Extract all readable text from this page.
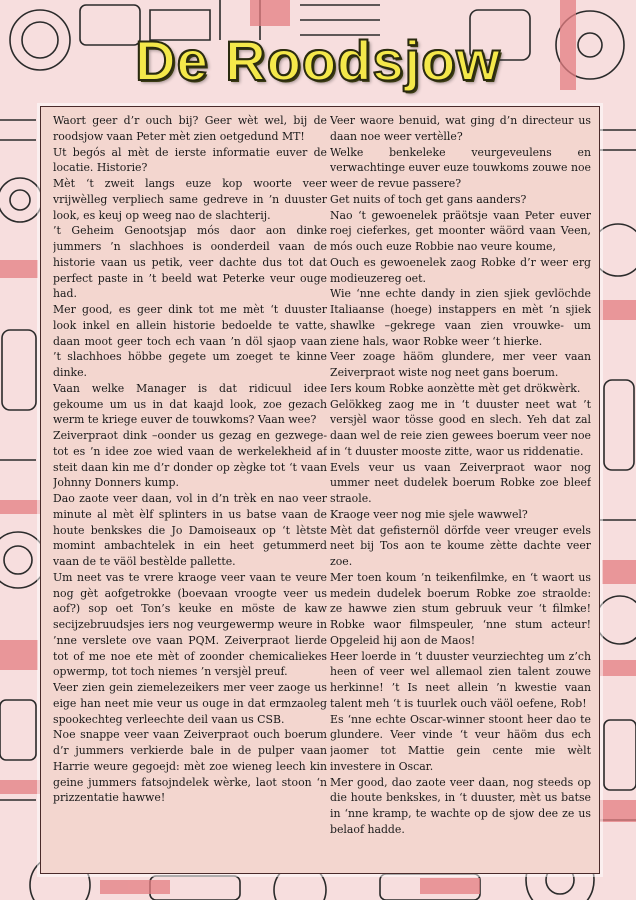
De Roodsjow

Waort geer d’r ouch bij? Geer wèt wel, bij de roodsjow vaan Peter mèt zien oetgedund MT!

Ut begós al mèt de ierste informatie euver de locatie. Historie?

Mèt ‘t zweit langs euze kop woorte veer vrijwèlleg verpliech same gedreve in ’n duuster look, es keuj op weeg nao de slachterij.

’t Geheim Genootsjap mós daor aon dinke jummers ’n slachhoes is oonderdeil vaan de historie vaan us petik, veer dachte dus tot dat perfect paste in ’t beeld wat Peterke veur ouge had.

Mer good, es geer dink tot me mèt ‘t duuster look inkel en allein historie bedoelde te vatte, daan moot geer toch ech vaan ’n döl sjaop vaan ’t slachhoes höbbe gegete um zoeget te kinne dinke.

Vaan welke Manager is dat ridicuul idee gekoume um us in dat kaajd look, zoe gezach werm te kriege euver de touwkoms? Vaan wee?

Zeiverpraot dink –oonder us gezag en gezwege- tot es ’n idee zoe wied vaan de werkelekheid af steit daan kin me d’r donder op zègke tot ‘t vaan Johnny Donners kump.

Dao zaote veer daan, vol in d’n trèk en nao veer minute al mèt èlf splinters in us batse vaan de houte benkskes die Jo Damoiseaux op ‘t lètste momint ambachtelek in ein heet getummerd vaan de te väöl bestèlde pallette.

Um neet vas te vrere kraoge veer vaan te veure nog gèt aofgetrokke (boevaan vroogte veer us aof?) sop oet Ton’s keuke en möste de kaw secijzebruudsjes iers nog veurgewermp weure in ’nne verslete ove vaan PQM. Zeiverpraot lierde tot of me noe ete mèt of zoonder chemicaliekes opwermp, tot toch niemes ’n versjèl preuf.

Veer zien gein ziemelezeikers mer veer zaoge us eige han neet mie veur us ouge in dat ermzaoleg spookechteg verleechte deil vaan us CSB.

Noe snappe veer vaan Zeiverpraot ouch boerum d’r jummers verkierde bale in de pulper vaan Harrie weure gegoejd: mèt zoe wieneg leech kin geine jummers fatsojndelek wèrke, laot stoon ‘n prizzentatie hawwe!

Veer waore benuid, wat ging d’n directeur us daan noe weer vertèlle?

Welke benkeleke veurgeveulens en verwachtinge euver euze touwkoms zouwe noe weer de revue passere?

Get nuits of toch get gans aanders?

Nao ‘t gewoenelek präötsje vaan Peter euver roej cieferkes, get moonter wäörd vaan Veen, mós ouch euze Robbie nao veure koume,

Ouch es gewoenelek zaog Robke d’r weer erg modieuzereg oet.

Wie ‘nne echte dandy in zien sjiek gevlöchde Italiaanse (hoege) instappers en mèt ’n sjiek shawlke –gekrege vaan zien vrouwke- um ziene hals, waor Robke weer ‘t hierke.

Veer zoage häöm glundere, mer veer vaan Zeiverpraot wiste nog neet gans boerum.

Iers koum Robke aonzètte mèt get drökwèrk.

Gelökkeg zaog me in ‘t duuster neet wat ’t versjèl waor tösse good en slech. Yeh dat zal daan wel de reie zien gewees boerum veer noe in ‘t duuster mooste zitte, waor us riddenatie.

Evels veur us vaan Zeiverpraot waor nog ummer neet dudelek boerum Robke zoe bleef straole.

Kraoge veer nog mie sjele wawwel?

Mèt dat gefisternöl dörfde veer vreuger evels neet bij Tos aon te koume zètte dachte veer zoe.

Mer toen koum ’n teikenfilmke, en ‘t waort us medein dudelek boerum Robke zoe straolde: ze hawwe zien stum gebruuk veur ‘t filmke! Robke waor filmspeuler, ‘nne stum acteur! Opgeleid hij aon de Maos!

Heer loerde in ‘t duuster veurziechteg um z’ch heen of veer wel allemaol zien talent zouwe herkinne! ’t Is neet allein ’n kwestie vaan talent meh ‘t is tuurlek ouch väöl oefene, Rob!

Es ‘nne echte Oscar-winner stoont heer dao te glundere. Veer vinde ‘t veur häöm dus ech jaomer tot Mattie gein cente mie wèlt investere in Oscar.

Mer good, dao zaote veer daan, nog steeds op die houte benkskes, in ‘t duuster, mèt us batse in ‘nne kramp, te wachte op de sjow dee ze us belaof hadde.
